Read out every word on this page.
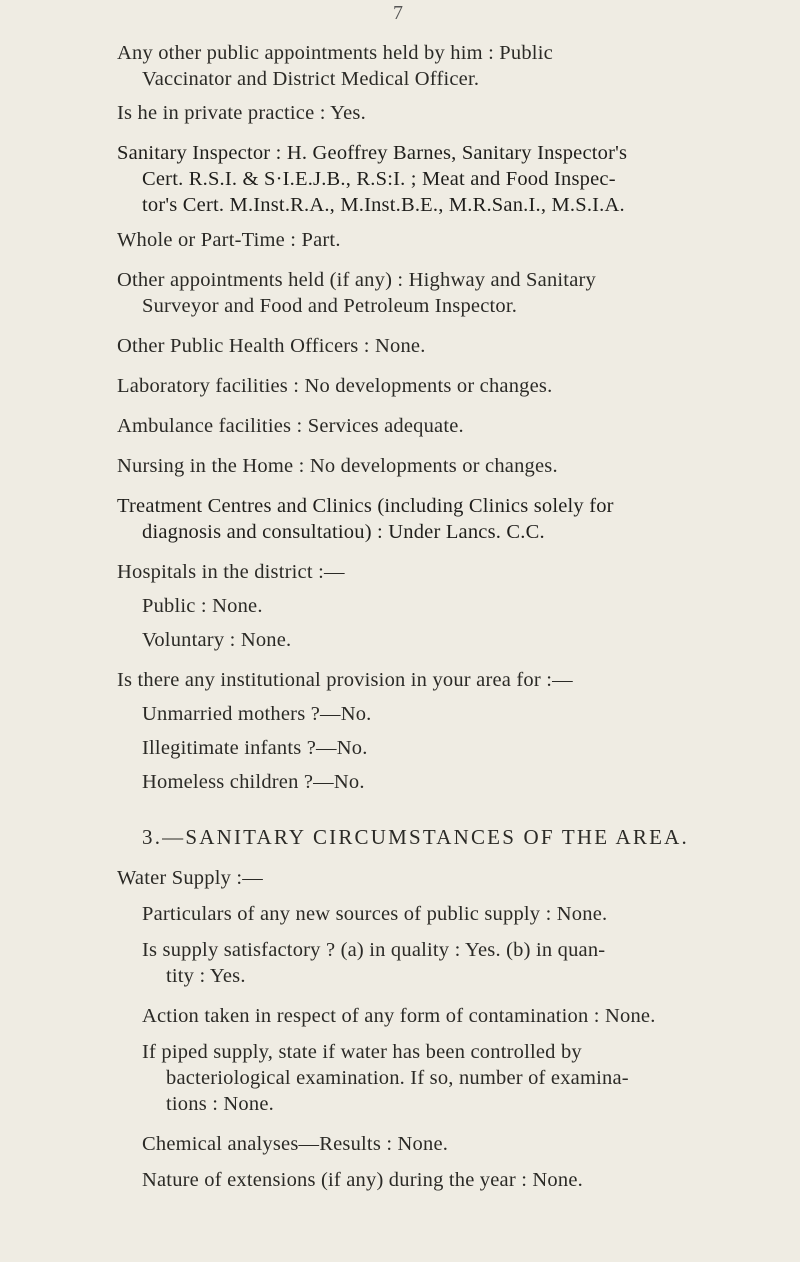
7
Any other public appointments held by him : Public
Vaccinator and District Medical Officer.
Is he in private practice : Yes.
Sanitary Inspector : H. Geoffrey Barnes, Sanitary Inspector's
Cert. R.S.I. & S·I.E.J.B., R.S:I. ; Meat and Food Inspec-
tor's Cert. M.Inst.R.A., M.Inst.B.E., M.R.San.I., M.S.I.A.
Whole or Part-Time : Part.
Other appointments held (if any) : Highway and Sanitary
Surveyor and Food and Petroleum Inspector.
Other Public Health Officers : None.
Laboratory facilities : No developments or changes.
Ambulance facilities : Services adequate.
Nursing in the Home : No developments or changes.
Treatment Centres and Clinics (including Clinics solely for
diagnosis and consultatiou) : Under Lancs. C.C.
Hospitals in the district :—
Public : None.
Voluntary : None.
Is there any institutional provision in your area for :—
Unmarried mothers ?—No.
Illegitimate infants ?—No.
Homeless children ?—No.
3.—SANITARY CIRCUMSTANCES OF THE AREA.
Water Supply :—
Particulars of any new sources of public supply : None.
Is supply satisfactory ? (a) in quality : Yes. (b) in quan-
tity : Yes.
Action taken in respect of any form of contamination : None.
If piped supply, state if water has been controlled by
bacteriological examination. If so, number of examina-
tions : None.
Chemical analyses—Results : None.
Nature of extensions (if any) during the year : None.
